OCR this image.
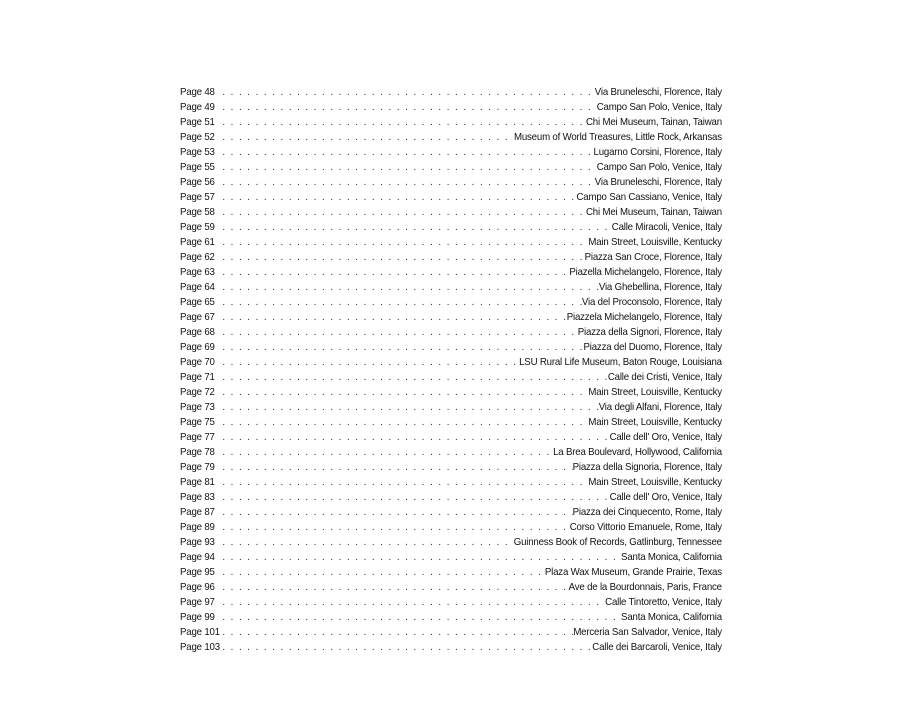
Page 48 . . .	Via Bruneleschi, Florence, Italy
Page 49 . . .	Campo San Polo, Venice, Italy
Page 51 . . .	Chi Mei Museum, Tainan, Taiwan
Page 52 . . .	Museum of World Treasures, Little Rock, Arkansas
Page 53 . . .	Lugarno Corsini, Florence, Italy
Page 55 . . .	Campo San Polo, Venice, Italy
Page 56 . . .	Via Bruneleschi, Florence, Italy
Page 57 . . .	Campo San Cassiano, Venice, Italy
Page 58 . . .	Chi Mei Museum, Tainan, Taiwan
Page 59 . . .	Calle Miracoli, Venice, Italy
Page 61 . . .	Main Street, Louisville, Kentucky
Page 62 . . .	Piazza San Croce, Florence, Italy
Page 63 . . .	Piazella Michelangelo, Florence, Italy
Page 64 . . .	Via Ghebellina, Florence, Italy
Page 65 . . .	Via del Proconsolo, Florence, Italy
Page 67 . . .	Piazzela Michelangelo, Florence, Italy
Page 68 . . .	Piazza della Signori, Florence, Italy
Page 69 . . .	Piazza del Duomo, Florence, Italy
Page 70 . . .	LSU Rural Life Museum, Baton Rouge, Louisiana
Page 71 . . .	Calle dei Cristi, Venice, Italy
Page 72 . . .	Main Street, Louisville, Kentucky
Page 73 . . .	Via degli Alfani, Florence, Italy
Page 75 . . .	Main Street, Louisville, Kentucky
Page 77 . . .	Calle dell' Oro, Venice, Italy
Page 78 . . .	La Brea Boulevard, Hollywood, California
Page 79 . . .	Piazza della Signoria, Florence, Italy
Page 81 . . .	Main Street, Louisville, Kentucky
Page 83 . . .	Calle dell' Oro, Venice, Italy
Page 87 . . .	Piazza dei Cinquecento, Rome, Italy
Page 89 . . .	Corso Vittorio Emanuele, Rome, Italy
Page 93 . . .	Guinness Book of Records, Gatlinburg, Tennessee
Page 94 . . .	Santa Monica, California
Page 95 . . .	Plaza Wax Museum, Grande Prairie, Texas
Page 96 . . .	Ave de la Bourdonnais, Paris, France
Page 97 . . .	Calle Tintoretto, Venice, Italy
Page 99 . . .	Santa Monica, California
Page 101 . . .	Merceria San Salvador, Venice, Italy
Page 103 . . .	Calle dei Barcaroli, Venice, Italy
